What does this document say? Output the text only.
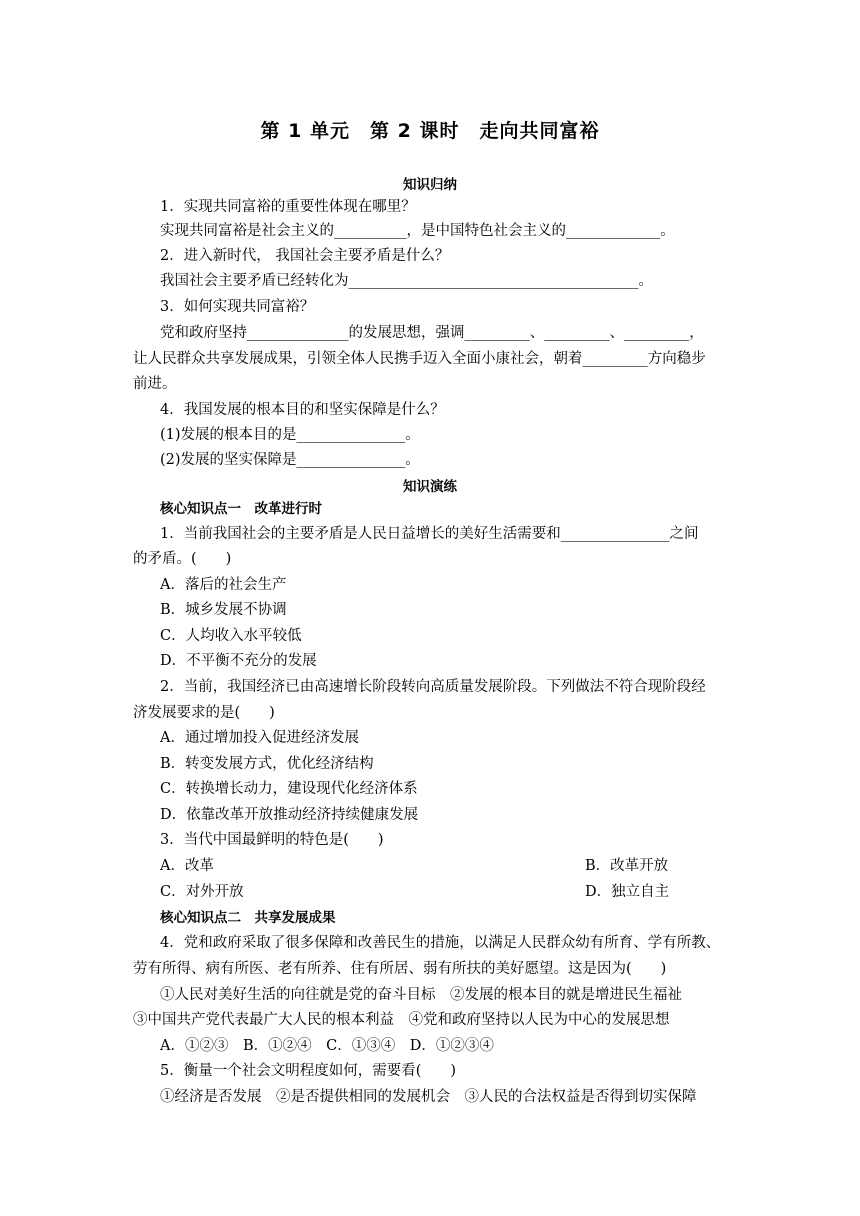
第 1 单元　第 2 课时　走向共同富裕
知识归纳
1．实现共同富裕的重要性体现在哪里？
实现共同富裕是社会主义的__________，是中国特色社会主义的_____________。
2．进入新时代， 我国社会主要矛盾是什么？
我国社会主要矛盾已经转化为________________________________________。
3．如何实现共同富裕？
党和政府坚持______________的发展思想，强调_________、_________、_________，
让人民群众共享发展成果，引领全体人民携手迈入全面小康社会，朝着_________方向稳步
前进。
4．我国发展的根本目的和坚实保障是什么？
(1)发展的根本目的是_______________。
(2)发展的坚实保障是_______________。
知识演练
核心知识点一　改革进行时
1．当前我国社会的主要矛盾是人民日益增长的美好生活需要和_______________之间
的矛盾。(　　)
A．落后的社会生产
B．城乡发展不协调
C．人均收入水平较低
D．不平衡不充分的发展
2．当前，我国经济已由高速增长阶段转向高质量发展阶段。下列做法不符合现阶段经
济发展要求的是(　　)
A．通过增加投入促进经济发展
B．转变发展方式，优化经济结构
C．转换增长动力，建设现代化经济体系
D．依靠改革开放推动经济持续健康发展
3．当代中国最鲜明的特色是(　　)
A．改革	B．改革开放
C．对外开放	D．独立自主
核心知识点二　共享发展成果
4．党和政府采取了很多保障和改善民生的措施，以满足人民群众幼有所育、学有所教、
劳有所得、病有所医、老有所养、住有所居、弱有所扶的美好愿望。这是因为(　　)
①人民对美好生活的向往就是党的奋斗目标　②发展的根本目的就是增进民生福祉
③中国共产党代表最广大人民的根本利益　④党和政府坚持以人民为中心的发展思想
A．①②③　B．①②④　C．①③④　D．①②③④
5．衡量一个社会文明程度如何，需要看(　　)
①经济是否发展　②是否提供相同的发展机会　③人民的合法权益是否得到切实保障
